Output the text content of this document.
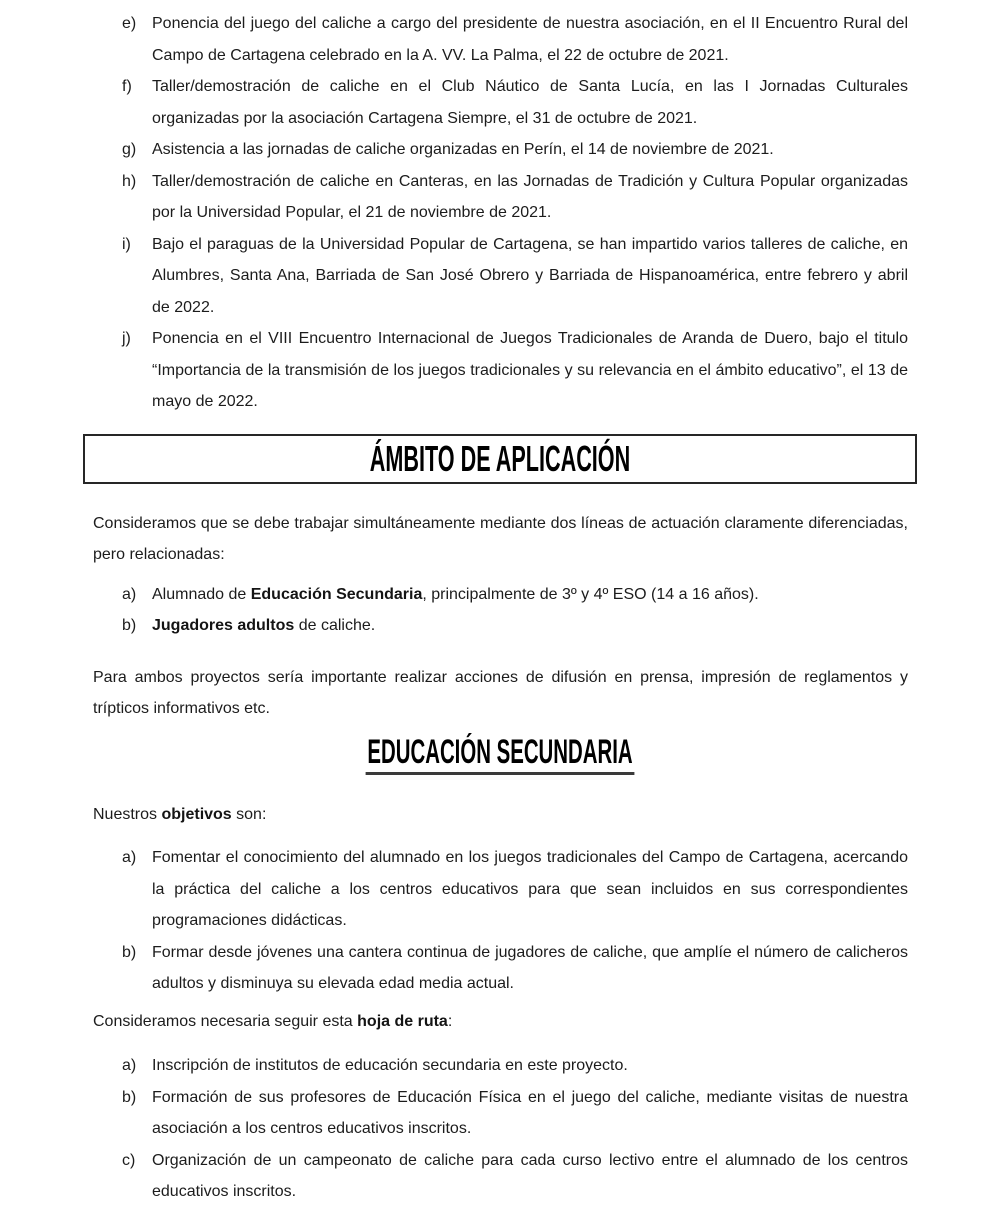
e) Ponencia del juego del caliche a cargo del presidente de nuestra asociación, en el II Encuentro Rural del Campo de Cartagena celebrado en la A. VV. La Palma, el 22 de octubre de 2021.
f) Taller/demostración de caliche en el Club Náutico de Santa Lucía, en las I Jornadas Culturales organizadas por la asociación Cartagena Siempre, el 31 de octubre de 2021.
g) Asistencia a las jornadas de caliche organizadas en Perín, el 14 de noviembre de 2021.
h) Taller/demostración de caliche en Canteras, en las Jornadas de Tradición y Cultura Popular organizadas por la Universidad Popular, el 21 de noviembre de 2021.
i) Bajo el paraguas de la Universidad Popular de Cartagena, se han impartido varios talleres de caliche, en Alumbres, Santa Ana, Barriada de San José Obrero y Barriada de Hispanoamérica, entre febrero y abril de 2022.
j) Ponencia en el VIII Encuentro Internacional de Juegos Tradicionales de Aranda de Duero, bajo el titulo “Importancia de la transmisión de los juegos tradicionales y su relevancia en el ámbito educativo”, el 13 de mayo de 2022.
ÁMBITO DE APLICACIÓN

Consideramos que se debe trabajar simultáneamente mediante dos líneas de actuación claramente diferenciadas, pero relacionadas:

a) Alumnado de Educación Secundaria, principalmente de 3º y 4º ESO (14 a 16 años).
b) Jugadores adultos de caliche.

Para ambos proyectos sería importante realizar acciones de difusión en prensa, impresión de reglamentos y trípticos informativos etc.

EDUCACIÓN SECUNDARIA

Nuestros objetivos son:

a) Fomentar el conocimiento del alumnado en los juegos tradicionales del Campo de Cartagena, acercando la práctica del caliche a los centros educativos para que sean incluidos en sus correspondientes programaciones didácticas.
b) Formar desde jóvenes una cantera continua de jugadores de caliche, que amplíe el número de calicheros adultos y disminuya su elevada edad media actual.

Consideramos necesaria seguir esta hoja de ruta:

a) Inscripción de institutos de educación secundaria en este proyecto.
b) Formación de sus profesores de Educación Física en el juego del caliche, mediante visitas de nuestra asociación a los centros educativos inscritos.
c) Organización de un campeonato de caliche para cada curso lectivo entre el alumnado de los centros educativos inscritos.
